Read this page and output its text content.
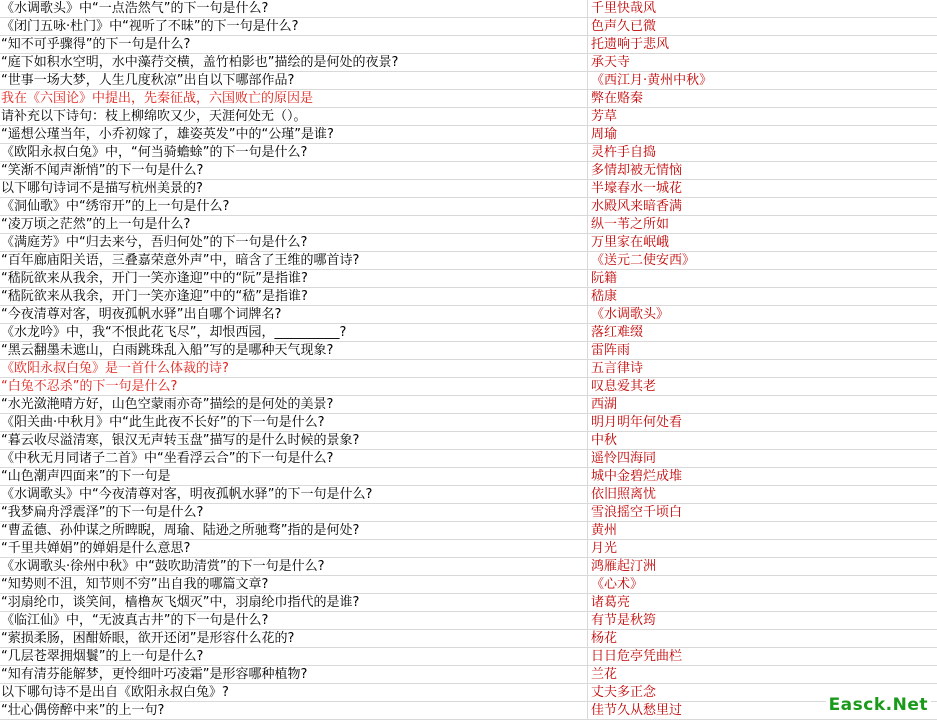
《水调歌头》中“一点浩然气”的下一句是什么?	千里快哉风
《闭门五咏·杜门》中“视听了不昧”的下一句是什么?	色声久已微
“知不可乎骤得”的下一句是什么?	托遗响于悲风
“庭下如积水空明，水中藻荇交横，盖竹柏影也”描绘的是何处的夜景?	承天寺
“世事一场大梦，人生几度秋凉”出自以下哪部作品?	《西江月·黄州中秋》
我在《六国论》中提出，先秦征战，六国败亡的原因是	弊在赂秦
请补充以下诗句：枝上柳绵吹又少，天涯何处无（）。	芳草
“遥想公瑾当年，小乔初嫁了，雄姿英发”中的“公瑾”是谁?	周瑜
《欧阳永叔白兔》中，“何当骑蟾蜍”的下一句是什么?	灵杵手自捣
“笑渐不闻声渐悄”的下一句是什么?	多情却被无情恼
以下哪句诗词不是描写杭州美景的?	半壕春水一城花
《洞仙歌》中“绣帘开”的上一句是什么?	水殿风来暗香满
“凌万顷之茫然”的上一句是什么?	纵一苇之所如
《满庭芳》中“归去来兮，吾归何处”的下一句是什么?	万里家在岷峨
“百年廊庙阳关语，三叠嘉荣意外声”中，暗含了王维的哪首诗?	《送元二使安西》
“嵇阮欲来从我余，开门一笑亦逢迎”中的“阮”是指谁?	阮籍
“嵇阮欲来从我余，开门一笑亦逢迎”中的“嵇”是指谁?	嵇康
“今夜清尊对客，明夜孤帆水驿”出自哪个词牌名?	《水调歌头》
《水龙吟》中，我“不恨此花飞尽”，却恨西园，__________?	落红难缀
“黑云翻墨未遮山，白雨跳珠乱入船”写的是哪种天气现象?	雷阵雨
《欧阳永叔白兔》是一首什么体裁的诗?	五言律诗
“白兔不忍杀”的下一句是什么?	叹息爱其老
“水光潋滟晴方好，山色空蒙雨亦奇”描绘的是何处的美景?	西湖
《阳关曲·中秋月》中“此生此夜不长好”的下一句是什么?	明月明年何处看
“暮云收尽溢清寒，银汉无声转玉盘”描写的是什么时候的景象?	中秋
《中秋无月同诸子二首》中“坐看浮云合”的下一句是什么?	遥怜四海同
“山色潮声四面来”的下一句是	城中金碧烂成堆
《水调歌头》中“今夜清尊对客，明夜孤帆水驿”的下一句是什么?	依旧照离忧
“我梦扁舟浮震泽”的下一句是什么?	雪浪摇空千顷白
“曹孟德、孙仲谋之所睥睨，周瑜、陆逊之所驰骛”指的是何处?	黄州
“千里共婵娟”的婵娟是什么意思?	月光
《水调歌头·徐州中秋》中“鼓吹助清赏”的下一句是什么?	鸿雁起汀洲
“知势则不沮，知节则不穷”出自我的哪篇文章?	《心术》
“羽扇纶巾，谈笑间，樯橹灰飞烟灭”中，羽扇纶巾指代的是谁?	诸葛亮
《临江仙》中，“无波真古井”的下一句是什么?	有节是秋筠
“萦损柔肠，困酣娇眼，欲开还闭”是形容什么花的?	杨花
“几层苍翠拥烟鬟”的上一句是什么?	日日危亭凭曲栏
“知有清芬能解梦，更怜细叶巧凌霜”是形容哪种植物?	兰花
以下哪句诗不是出自《欧阳永叔白兔》?	丈夫多正念
“壮心偶傍醉中来”的上一句?	佳节久从愁里过	Easck.Net
